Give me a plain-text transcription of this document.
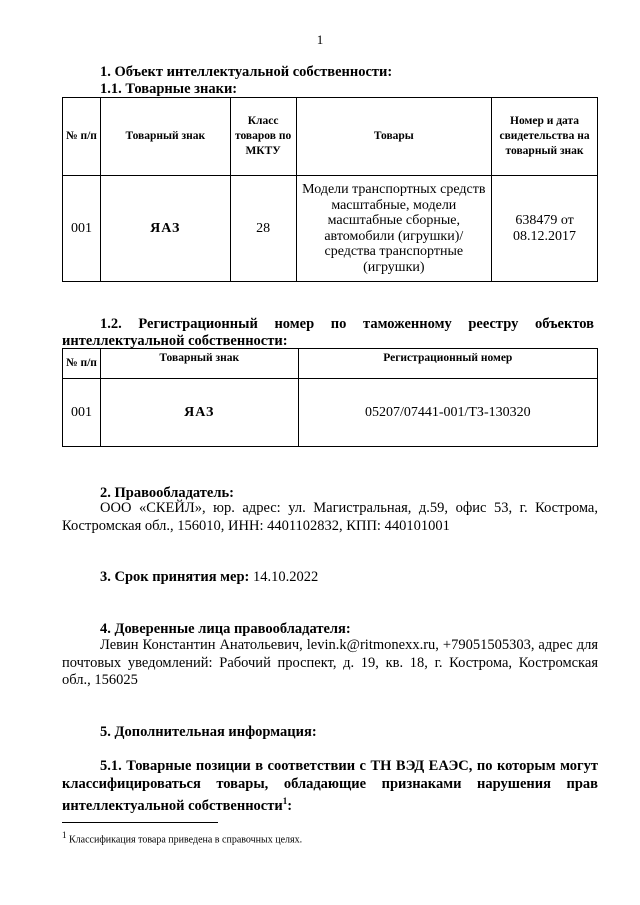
1
1. Объект интеллектуальной собственности:
1.1. Товарные знаки:
№ п/п	Товарный знак	Класс товаров по МКТУ	Товары	Номер и дата свидетельства на товарный знак
001	ЯАЗ	28	Модели транспортных средств масштабные, модели масштабные сборные, автомобили (игрушки)/средства транспортные (игрушки)	638479 от 08.12.2017
1.2. Регистрационный номер по таможенному реестру объектов
интеллектуальной собственности:
№ п/п	Товарный знак	Регистрационный номер
001	ЯАЗ	05207/07441-001/ТЗ-130320
2. Правообладатель:
ООО «СКЕЙЛ», юр. адрес: ул. Магистральная, д.59, офис 53, г. Кострома, Костромская обл., 156010, ИНН: 4401102832, КПП: 440101001
3. Срок принятия мер: 14.10.2022
4. Доверенные лица правообладателя:
Левин Константин Анатольевич, levin.k@ritmonexx.ru, +79051505303, адрес для почтовых уведомлений: Рабочий проспект, д. 19, кв. 18, г. Кострома, Костромская обл., 156025
5. Дополнительная информация:
5.1. Товарные позиции в соответствии с ТН ВЭД ЕАЭС, по которым могут классифицироваться товары, обладающие признаками нарушения прав интеллектуальной собственности$^1$:
$^1$ Классификация товара приведена в справочных целях.
